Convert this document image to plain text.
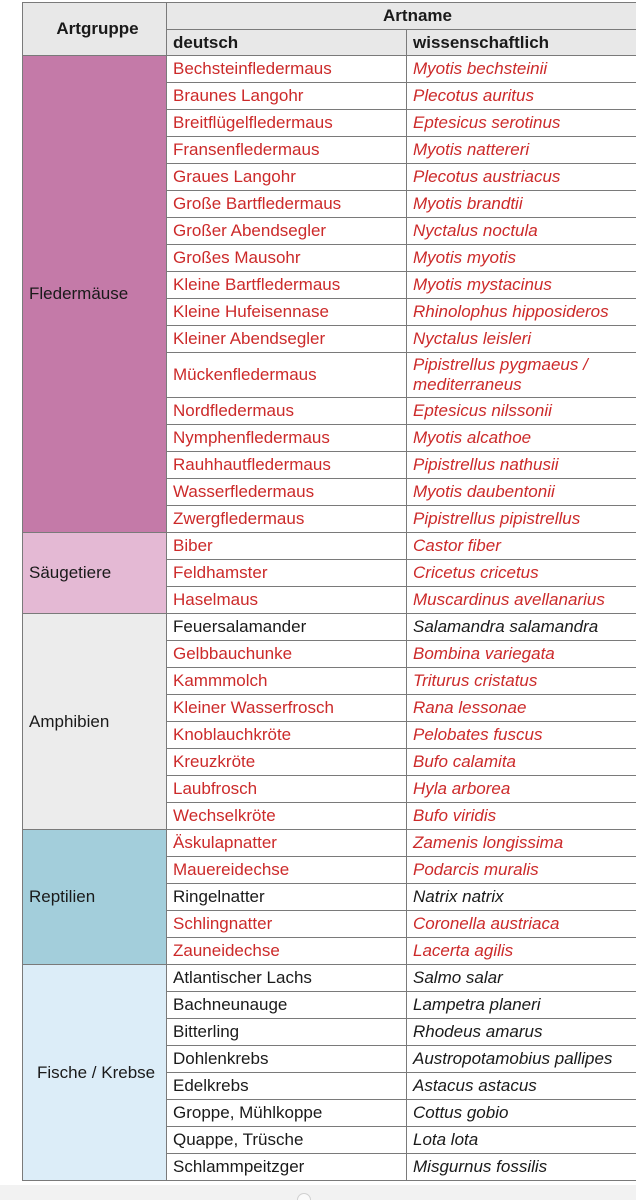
Artgruppe	Artname	
	deutsch	wissenschaftlich
Fledermäuse	Bechsteinfledermaus	Myotis bechsteinii
	Braunes Langohr	Plecotus auritus
	Breitflügelfledermaus	Eptesicus serotinus
	Fransenfledermaus	Myotis nattereri
	Graues Langohr	Plecotus austriacus
	Große Bartfledermaus	Myotis brandtii
	Großer Abendsegler	Nyctalus noctula
	Großes Mausohr	Myotis myotis
	Kleine Bartfledermaus	Myotis mystacinus
	Kleine Hufeisennase	Rhinolophus hipposideros
	Kleiner Abendsegler	Nyctalus leisleri
	Mückenfledermaus	Pipistrellus pygmaeus / mediterraneus
	Nordfledermaus	Eptesicus nilssonii
	Nymphenfledermaus	Myotis alcathoe
	Rauhhautfledermaus	Pipistrellus nathusii
	Wasserfledermaus	Myotis daubentonii
	Zwergfledermaus	Pipistrellus pipistrellus
Säugetiere	Biber	Castor fiber
	Feldhamster	Cricetus cricetus
	Haselmaus	Muscardinus avellanarius
Amphibien	Feuersalamander	Salamandra salamandra
	Gelbbauchunke	Bombina variegata
	Kammmolch	Triturus cristatus
	Kleiner Wasserfrosch	Rana lessonae
	Knoblauchkröte	Pelobates fuscus
	Kreuzkröte	Bufo calamita
	Laubfrosch	Hyla arborea
	Wechselkröte	Bufo viridis
Reptilien	Äskulapnatter	Zamenis longissima
	Mauereidechse	Podarcis muralis
	Ringelnatter	Natrix natrix
	Schlingnatter	Coronella austriaca
	Zauneidechse	Lacerta agilis
Fische / Krebse	Atlantischer Lachs	Salmo salar
	Bachneunauge	Lampetra planeri
	Bitterling	Rhodeus amarus
	Dohlenkrebs	Austropotamobius pallipes
	Edelkrebs	Astacus astacus
	Groppe, Mühlkoppe	Cottus gobio
	Quappe, Trüsche	Lota lota
	Schlammpeitzger	Misgurnus fossilis
